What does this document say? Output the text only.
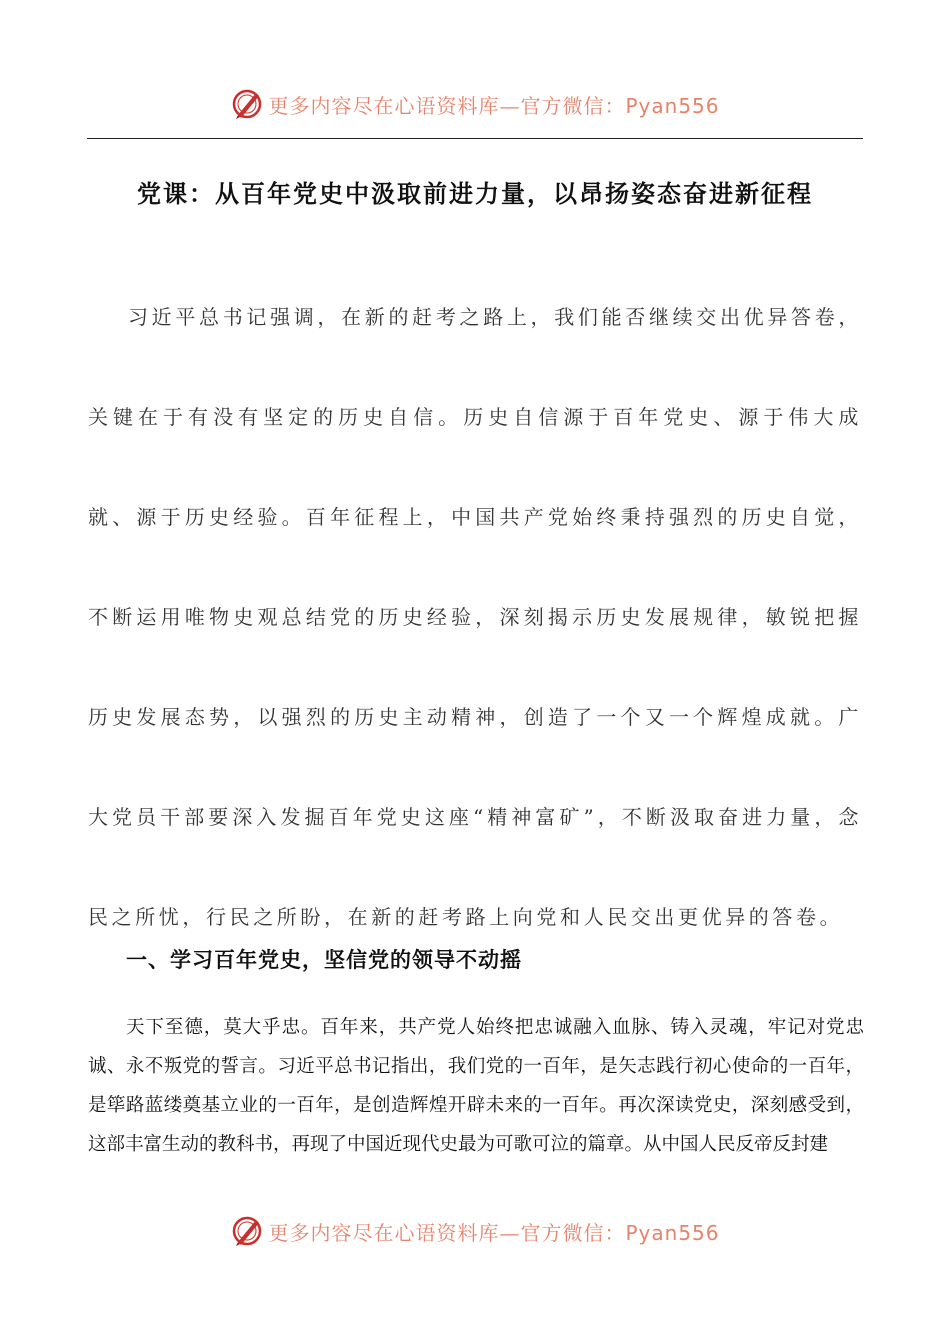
更多内容尽在心语资料库—官方微信：Pyan556
党课：从百年党史中汲取前进力量，以昂扬姿态奋进新征程

习近平总书记强调，在新的赶考之路上，我们能否继续交出优异答卷，关键在于有没有坚定的历史自信。历史自信源于百年党史、源于伟大成就、源于历史经验。百年征程上，中国共产党始终秉持强烈的历史自觉，不断运用唯物史观总结党的历史经验，深刻揭示历史发展规律，敏锐把握历史发展态势，以强烈的历史主动精神，创造了一个又一个辉煌成就。广大党员干部要深入发掘百年党史这座“精神富矿”，不断汲取奋进力量，念民之所忧，行民之所盼，在新的赶考路上向党和人民交出更优异的答卷。

一、学习百年党史，坚信党的领导不动摇

天下至德，莫大乎忠。百年来，共产党人始终把忠诚融入血脉、铸入灵魂，牢记对党忠诚、永不叛党的誓言。习近平总书记指出，我们党的一百年，是矢志践行初心使命的一百年，是筚路蓝缕奠基立业的一百年，是创造辉煌开辟未来的一百年。再次深读党史，深刻感受到，这部丰富生动的教科书，再现了中国近现代史最为可歌可泣的篇章。从中国人民反帝反封建

更多内容尽在心语资料库—官方微信：Pyan556
